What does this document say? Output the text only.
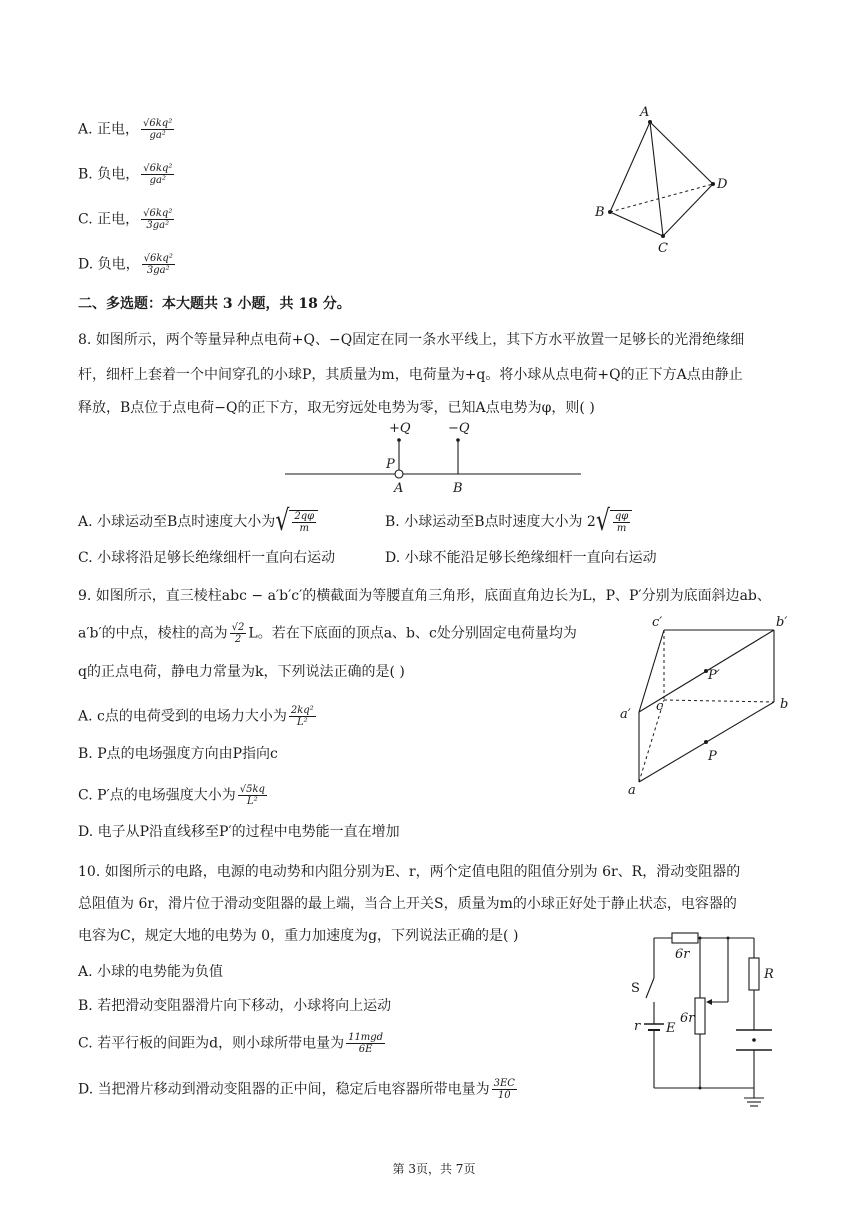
A. 正电， $\frac{\text{√6kq²}}{\text{ga²}}$
B. 负电， $\frac{\text{√6kq²}}{\text{ga²}}$
C. 正电， $\frac{\text{√6kq²}}{\text{3ga²}}$
D. 负电， $\frac{\text{√6kq²}}{\text{3ga²}}$
A
B
C
D
二、多选题：本大题共 3 小题，共 18 分。
8. 如图所示，两个等量异种点电荷+Q、−Q固定在同一条水平线上，其下方水平放置一足够长的光滑绝缘细
杆，细杆上套着一个中间穿孔的小球P，其质量为m，电荷量为+q。将小球从点电荷+Q的正下方A点由静止
释放，B点位于点电荷−Q的正下方，取无穷远处电势为零，已知A点电势为φ，则( )
+Q	−Q
P
A	B
A. 小球运动至B点时速度大小为 √ $\frac{2q\varphi}{m}$	B. 小球运动至B点时速度大小为 2 √ $\frac{q\varphi}{m}$
C. 小球将沿足够长绝缘细杆一直向右运动	D. 小球不能沿足够长绝缘细杆一直向右运动
9. 如图所示，直三棱柱abc − a′b′c′的横截面为等腰直角三角形，底面直角边长为L，P、P′分别为底面斜边ab、
a′b′的中点，棱柱的高为 $\frac{√2}{2}$ L。若在下底面的顶点a、b、c处分别固定电荷量均为
q的正点电荷，静电力常量为k，下列说法正确的是( )
A. c点的电荷受到的电场力大小为 $\frac{\text{2kq²}}{\text{L²}}$
B. P点的电场强度方向由P指向c
C. P′点的电场强度大小为 $\frac{√5kq}{\text{L²}}$
D. 电子从P沿直线移至P′的过程中电势能一直在增加
c′	b′
P′
a′
c	b
P
a
10. 如图所示的电路，电源的电动势和内阻分别为E、r，两个定值电阻的阻值分别为 6r、R，滑动变阻器的
总阻值为 6r，滑片位于滑动变阻器的最上端，当合上开关S，质量为m的小球正好处于静止状态，电容器的
电容为C，规定大地的电势为 0，重力加速度为g，下列说法正确的是( )
A. 小球的电势能为负值
B. 若把滑动变阻器滑片向下移动，小球将向上运动
C. 若平行板的间距为d，则小球所带电量为 $\frac{\text{11mgd}}{6E}$
D. 当把滑片移动到滑动变阻器的正中间，稳定后电容器所带电量为 $\frac{3EC}{10}$
6r
6r
R
S
r E
第 3页，共 7页
